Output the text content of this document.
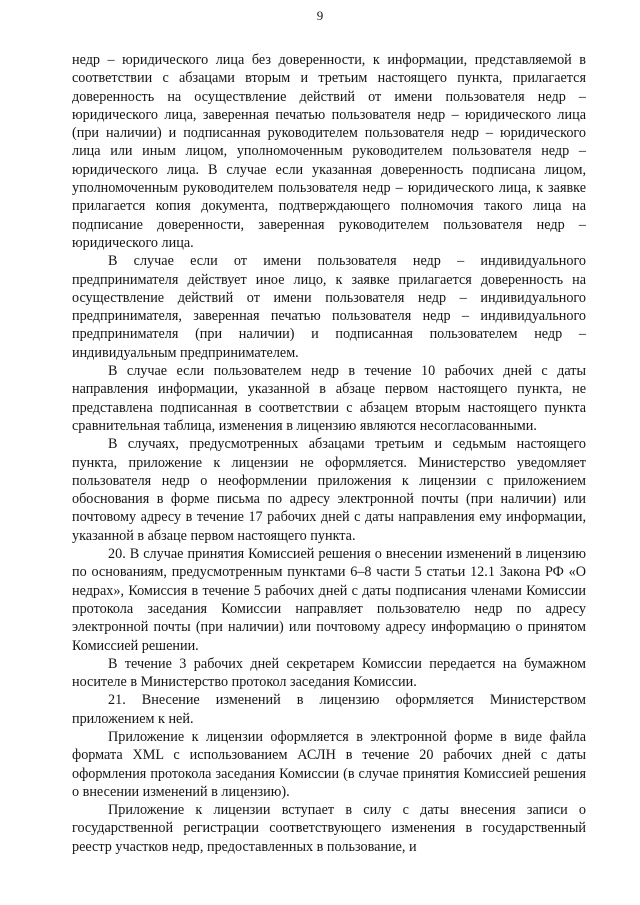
9

недр – юридического лица без доверенности, к информации, представляемой в соответствии с абзацами вторым и третьим настоящего пункта, прилагается доверенность на осуществление действий от имени пользователя недр – юридического лица, заверенная печатью пользователя недр – юридического лица (при наличии) и подписанная руководителем пользователя недр – юридического лица или иным лицом, уполномоченным руководителем пользователя недр – юридического лица. В случае если указанная доверенность подписана лицом, уполномоченным руководителем пользователя недр – юридического лица, к заявке прилагается копия документа, подтверждающего полномочия такого лица на подписание доверенности, заверенная руководителем пользователя недр – юридического лица.

В случае если от имени пользователя недр – индивидуального предпринимателя действует иное лицо, к заявке прилагается доверенность на осуществление действий от имени пользователя недр – индивидуального предпринимателя, заверенная печатью пользователя недр – индивидуального предпринимателя (при наличии) и подписанная пользователем недр – индивидуальным предпринимателем.

В случае если пользователем недр в течение 10 рабочих дней с даты направления информации, указанной в абзаце первом настоящего пункта, не представлена подписанная в соответствии с абзацем вторым настоящего пункта сравнительная таблица, изменения в лицензию являются несогласованными.

В случаях, предусмотренных абзацами третьим и седьмым настоящего пункта, приложение к лицензии не оформляется. Министерство уведомляет пользователя недр о неоформлении приложения к лицензии с приложением обоснования в форме письма по адресу электронной почты (при наличии) или почтовому адресу в течение 17 рабочих дней с даты направления ему информации, указанной в абзаце первом настоящего пункта.

20. В случае принятия Комиссией решения о внесении изменений в лицензию по основаниям, предусмотренным пунктами 6–8 части 5 статьи 12.1 Закона РФ «О недрах», Комиссия в течение 5 рабочих дней с даты подписания членами Комиссии протокола заседания Комиссии направляет пользователю недр по адресу электронной почты (при наличии) или почтовому адресу информацию о принятом Комиссией решении.

В течение 3 рабочих дней секретарем Комиссии передается на бумажном носителе в Министерство протокол заседания Комиссии.

21. Внесение изменений в лицензию оформляется Министерством приложением к ней.

Приложение к лицензии оформляется в электронной форме в виде файла формата XML с использованием АСЛН в течение 20 рабочих дней с даты оформления протокола заседания Комиссии (в случае принятия Комиссией решения о внесении изменений в лицензию).

Приложение к лицензии вступает в силу с даты внесения записи о государственной регистрации соответствующего изменения в государственный реестр участков недр, предоставленных в пользование, и
